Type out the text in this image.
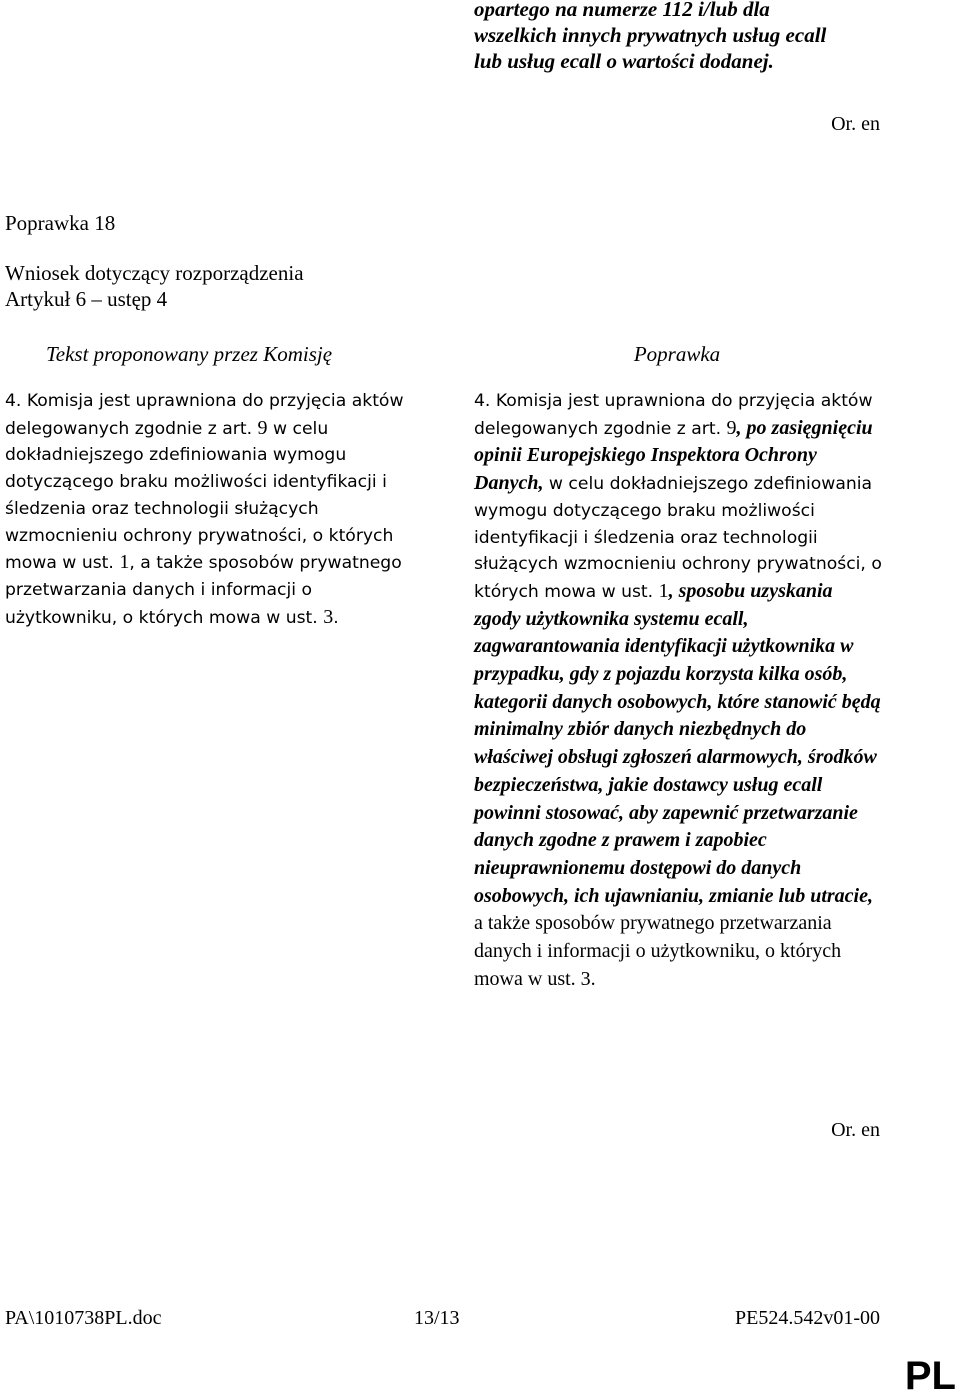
opartego na numerze 112 i/lub dla
wszelkich innych prywatnych usług ecall
lub usług ecall o wartości dodanej.
Or. en
Poprawka 18
Wniosek dotyczący rozporządzenia
Artykuł 6 – ustęp 4
Tekst proponowany przez Komisję	Poprawka
4. Komisja jest uprawniona do przyjęcia aktów delegowanych zgodnie z art. 9 w celu dokładniejszego zdefiniowania wymogu dotyczącego braku możliwości identyfikacji i śledzenia oraz technologii służących wzmocnieniu ochrony prywatności, o których mowa w ust. 1, a także sposobów prywatnego przetwarzania danych i informacji o użytkowniku, o których mowa w ust. 3.
4. Komisja jest uprawniona do przyjęcia aktów delegowanych zgodnie z art. 9, po zasięgnięciu opinii Europejskiego Inspektora Ochrony Danych, w celu dokładniejszego zdefiniowania wymogu dotyczącego braku możliwości identyfikacji i śledzenia oraz technologii służących wzmocnieniu ochrony prywatności, o których mowa w ust. 1, sposobu uzyskania zgody użytkownika systemu ecall, zagwarantowania identyfikacji użytkownika w przypadku, gdy z pojazdu korzysta kilka osób, kategorii danych osobowych, które stanowić będą minimalny zbiór danych niezbędnych do właściwej obsługi zgłoszeń alarmowych, środków bezpieczeństwa, jakie dostawcy usług ecall powinni stosować, aby zapewnić przetwarzanie danych zgodne z prawem i zapobiec nieuprawnionemu dostępowi do danych osobowych, ich ujawnianiu, zmianie lub utracie, a także sposobów prywatnego przetwarzania danych i informacji o użytkowniku, o których mowa w ust. 3.
Or. en
PA\1010738PL.doc	13/13	PE524.542v01-00
PL
